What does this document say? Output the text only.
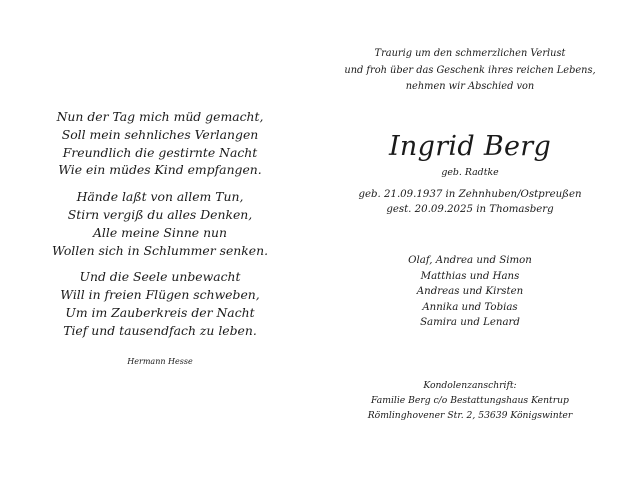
Nun der Tag mich müd gemacht,
Soll mein sehnliches Verlangen
Freundlich die gestirnte Nacht
Wie ein müdes Kind empfangen.
Hände laßt von allem Tun,
Stirn vergiß du alles Denken,
Alle meine Sinne nun
Wollen sich in Schlummer senken.
Und die Seele unbewacht
Will in freien Flügen schweben,
Um im Zauberkreis der Nacht
Tief und tausendfach zu leben.
Hermann Hesse
Traurig um den schmerzlichen Verlust
und froh über das Geschenk ihres reichen Lebens,
nehmen wir Abschied von
Ingrid Berg
geb. Radtke
geb. 21.09.1937 in Zehnhuben/Ostpreußen
gest. 20.09.2025 in Thomasberg
Olaf, Andrea und Simon
Matthias und Hans
Andreas und Kirsten
Annika und Tobias
Samira und Lenard
Kondolenzanschrift:
Familie Berg c/o Bestattungshaus Kentrup
Römlinghovener Str. 2, 53639 Königswinter
